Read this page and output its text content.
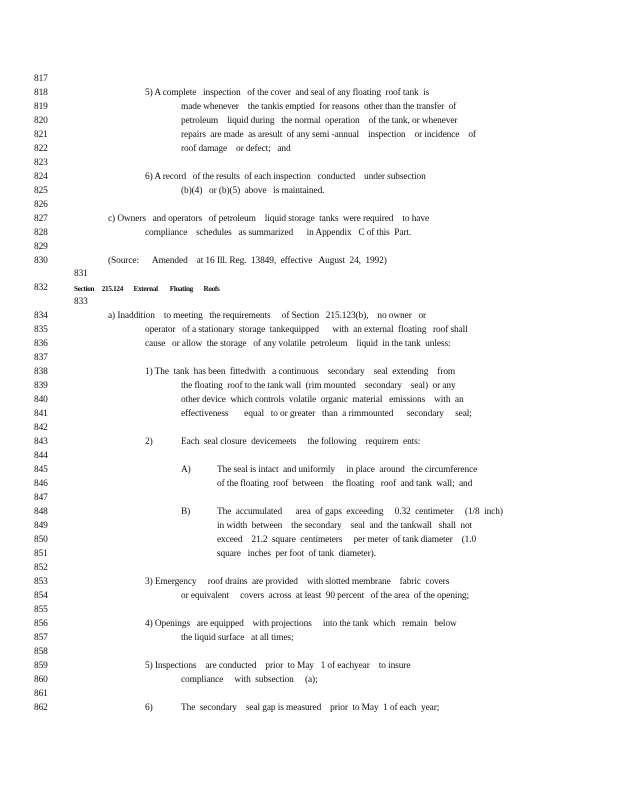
817
818
819
820
821
822
823
824
825
826
827
828
829
830
831
832
833
834
835
836
837
838
839
840
841
842
843
844
845
846
847
848
849
850
851
852
853
854
855
856
857
858
859
860
861
862
5) A complete   inspection   of the cover  and seal of any floating  roof tank  is
made whenever    the tankis emptied  for reasons  other than the transfer  of
petroleum    liquid during   the normal  operation    of the tank, or whenever
repairs  are made  as aresult  of any semi -annual    inspection    or incidence    of
roof damage    or defect;   and
6) A record   of the results  of each inspection   conducted    under subsection
(b)(4)   or (b)(5)  above   is maintained.
c) Owners   and operators   of petroleum    liquid storage  tanks  were required    to have
compliance    schedules   as summarized      in Appendix   C of this  Part.
(Source:      Amended    at 16 Ill. Reg.  13849,  effective   August  24,  1992)
Section     215.124       External        Floating       Roofs
a) Inaddition    to meeting   the requirements     of Section   215.123(b),    no owner   or
operator   of a stationary  storage  tankequipped      with  an external  floating   roof shall
cause   or allow  the storage   of any volatile  petroleum    liquid  in the tank  unless:
1) The  tank  has been  fittedwith   a continuous    secondary    seal  extending    from
the floating  roof to the tank wall  (rim mounted    secondary    seal)  or any
other device  which controls  volatile  organic  material   emissions    with  an
effectiveness       equal   to or greater   than  a rimmounted      secondary     seal;
2)	Each  seal closure  devicemeets     the following    requirem  ents:
A)	The seal is intact  and uniformly     in place  around   the circumference
of the floating  roof  between    the floating   roof  and tank  wall;  and
B)	The  accumulated      area  of gaps  exceeding     0.32  centimeter     (1/8  inch)
in width  between    the secondary    seal  and  the tankwall   shall  not
exceed    21.2  square  centimeters     per meter  of tank diameter    (1.0
square   inches  per foot  of tank  diameter).
3) Emergency     roof drains  are provided    with slotted membrane    fabric  covers
or equivalent     covers  across  at least  90 percent   of the area  of the opening;
4) Openings   are equipped    with projections     into the tank  which   remain   below
the liquid surface   at all times;
5) Inspections    are conducted    prior  to May   1 of eachyear    to insure
compliance     with  subsection     (a);
6)	The  secondary    seal gap is measured    prior  to May  1 of each  year;
